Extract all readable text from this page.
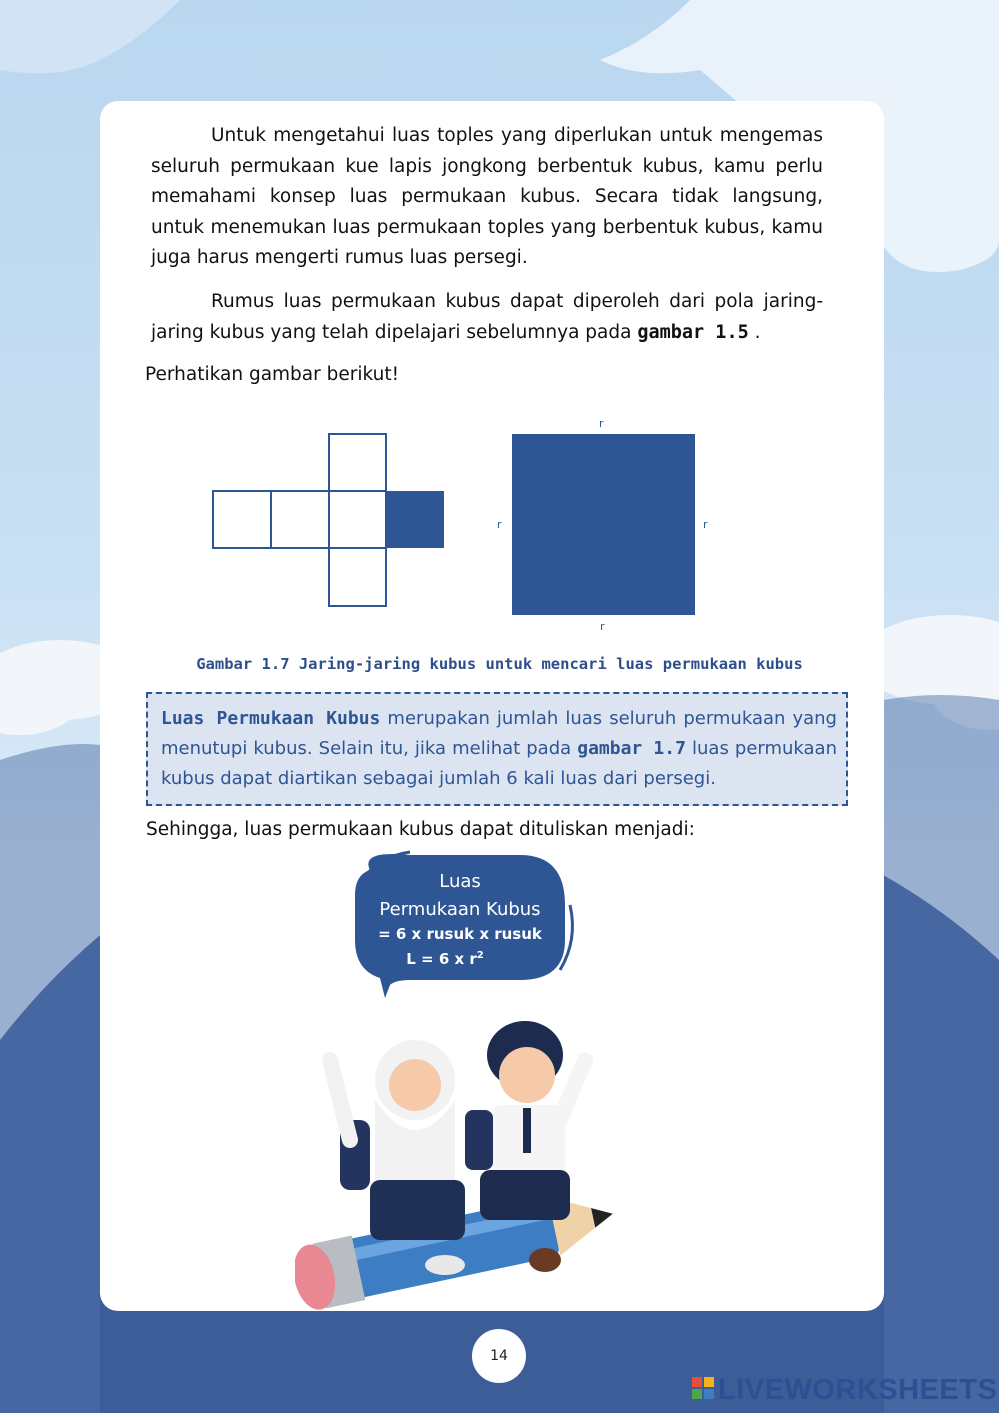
Untuk mengetahui luas toples yang diperlukan untuk mengemas seluruh permukaan kue lapis jongkong berbentuk kubus, kamu perlu memahami konsep luas permukaan kubus. Secara tidak langsung, untuk menemukan luas permukaan toples yang berbentuk kubus, kamu juga harus mengerti rumus luas persegi.
Rumus luas permukaan kubus dapat diperoleh dari pola jaring-jaring kubus yang telah dipelajari sebelumnya pada gambar 1.5 .
Perhatikan gambar berikut!
r
r	r
r
Gambar 1.7 Jaring-jaring kubus untuk mencari luas permukaan kubus
Luas Permukaan Kubus merupakan jumlah luas seluruh permukaan yang menutupi kubus. Selain itu, jika melihat pada gambar 1.7 luas permukaan kubus dapat diartikan sebagai jumlah 6 kali luas dari persegi.
Sehingga, luas permukaan kubus dapat dituliskan menjadi:
Luas
Permukaan Kubus
= 6 x rusuk x rusuk
L = 6 x $r^2$
14
LIVEWORKSHEETS
